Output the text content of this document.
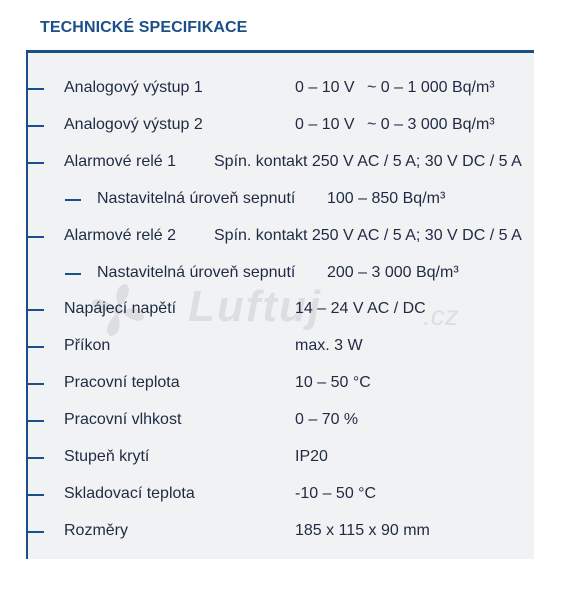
TECHNICKÉ SPECIFIKACE
Analogový výstup 1	0 – 10 V ~ 0 – 1 000 Bq/m³
Analogový výstup 2	0 – 10 V ~ 0 – 3 000 Bq/m³
Alarmové relé 1 Spín. kontakt 250 V AC / 5 A; 30 V DC / 5 A
Nastavitelná úroveň sepnutí 100 – 850 Bq/m³
Alarmové relé 2 Spín. kontakt 250 V AC / 5 A; 30 V DC / 5 A
Nastavitelná úroveň sepnutí 200 – 3 000 Bq/m³
Napájecí napětí	14 – 24 V AC / DC
Příkon	max. 3 W
Pracovní teplota	10 – 50 °C
Pracovní vlhkost	0 – 70 %
Stupeň krytí	IP20
Skladovací teplota	-10 – 50 °C
Rozměry	185 x 115 x 90 mm
